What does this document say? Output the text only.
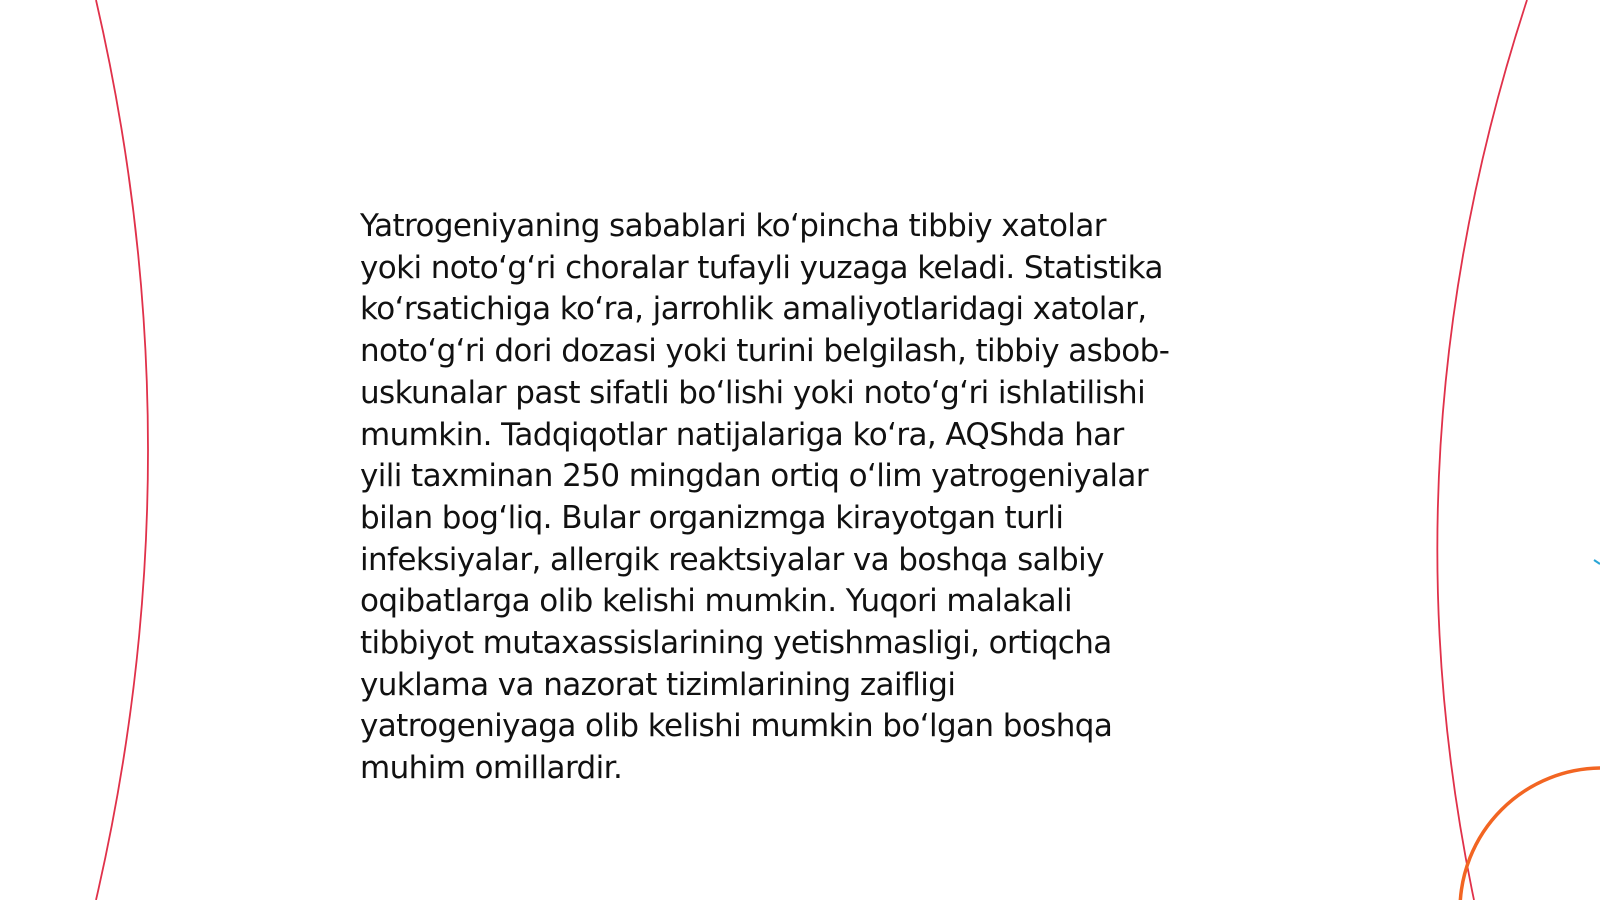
Yatrogeniyaning sabablari koʻpincha tibbiy xatolar
yoki notoʻgʻri choralar tufayli yuzaga keladi. Statistika
koʻrsatichiga koʻra, jarrohlik amaliyotlaridagi xatolar,
notoʻgʻri dori dozasi yoki turini belgilash, tibbiy asbob-
uskunalar past sifatli boʻlishi yoki notoʻgʻri ishlatilishi
mumkin. Tadqiqotlar natijalariga koʻra, AQShda har
yili taxminan 250 mingdan ortiq oʻlim yatrogeniyalar
bilan bogʻliq. Bular organizmga kirayotgan turli
infeksiyalar, allergik reaktsiyalar va boshqa salbiy
oqibatlarga olib kelishi mumkin. Yuqori malakali
tibbiyot mutaxassislarining yetishmasligi, ortiqcha
yuklama va nazorat tizimlarining zaifligi
yatrogeniyaga olib kelishi mumkin boʻlgan boshqa
muhim omillardir.
